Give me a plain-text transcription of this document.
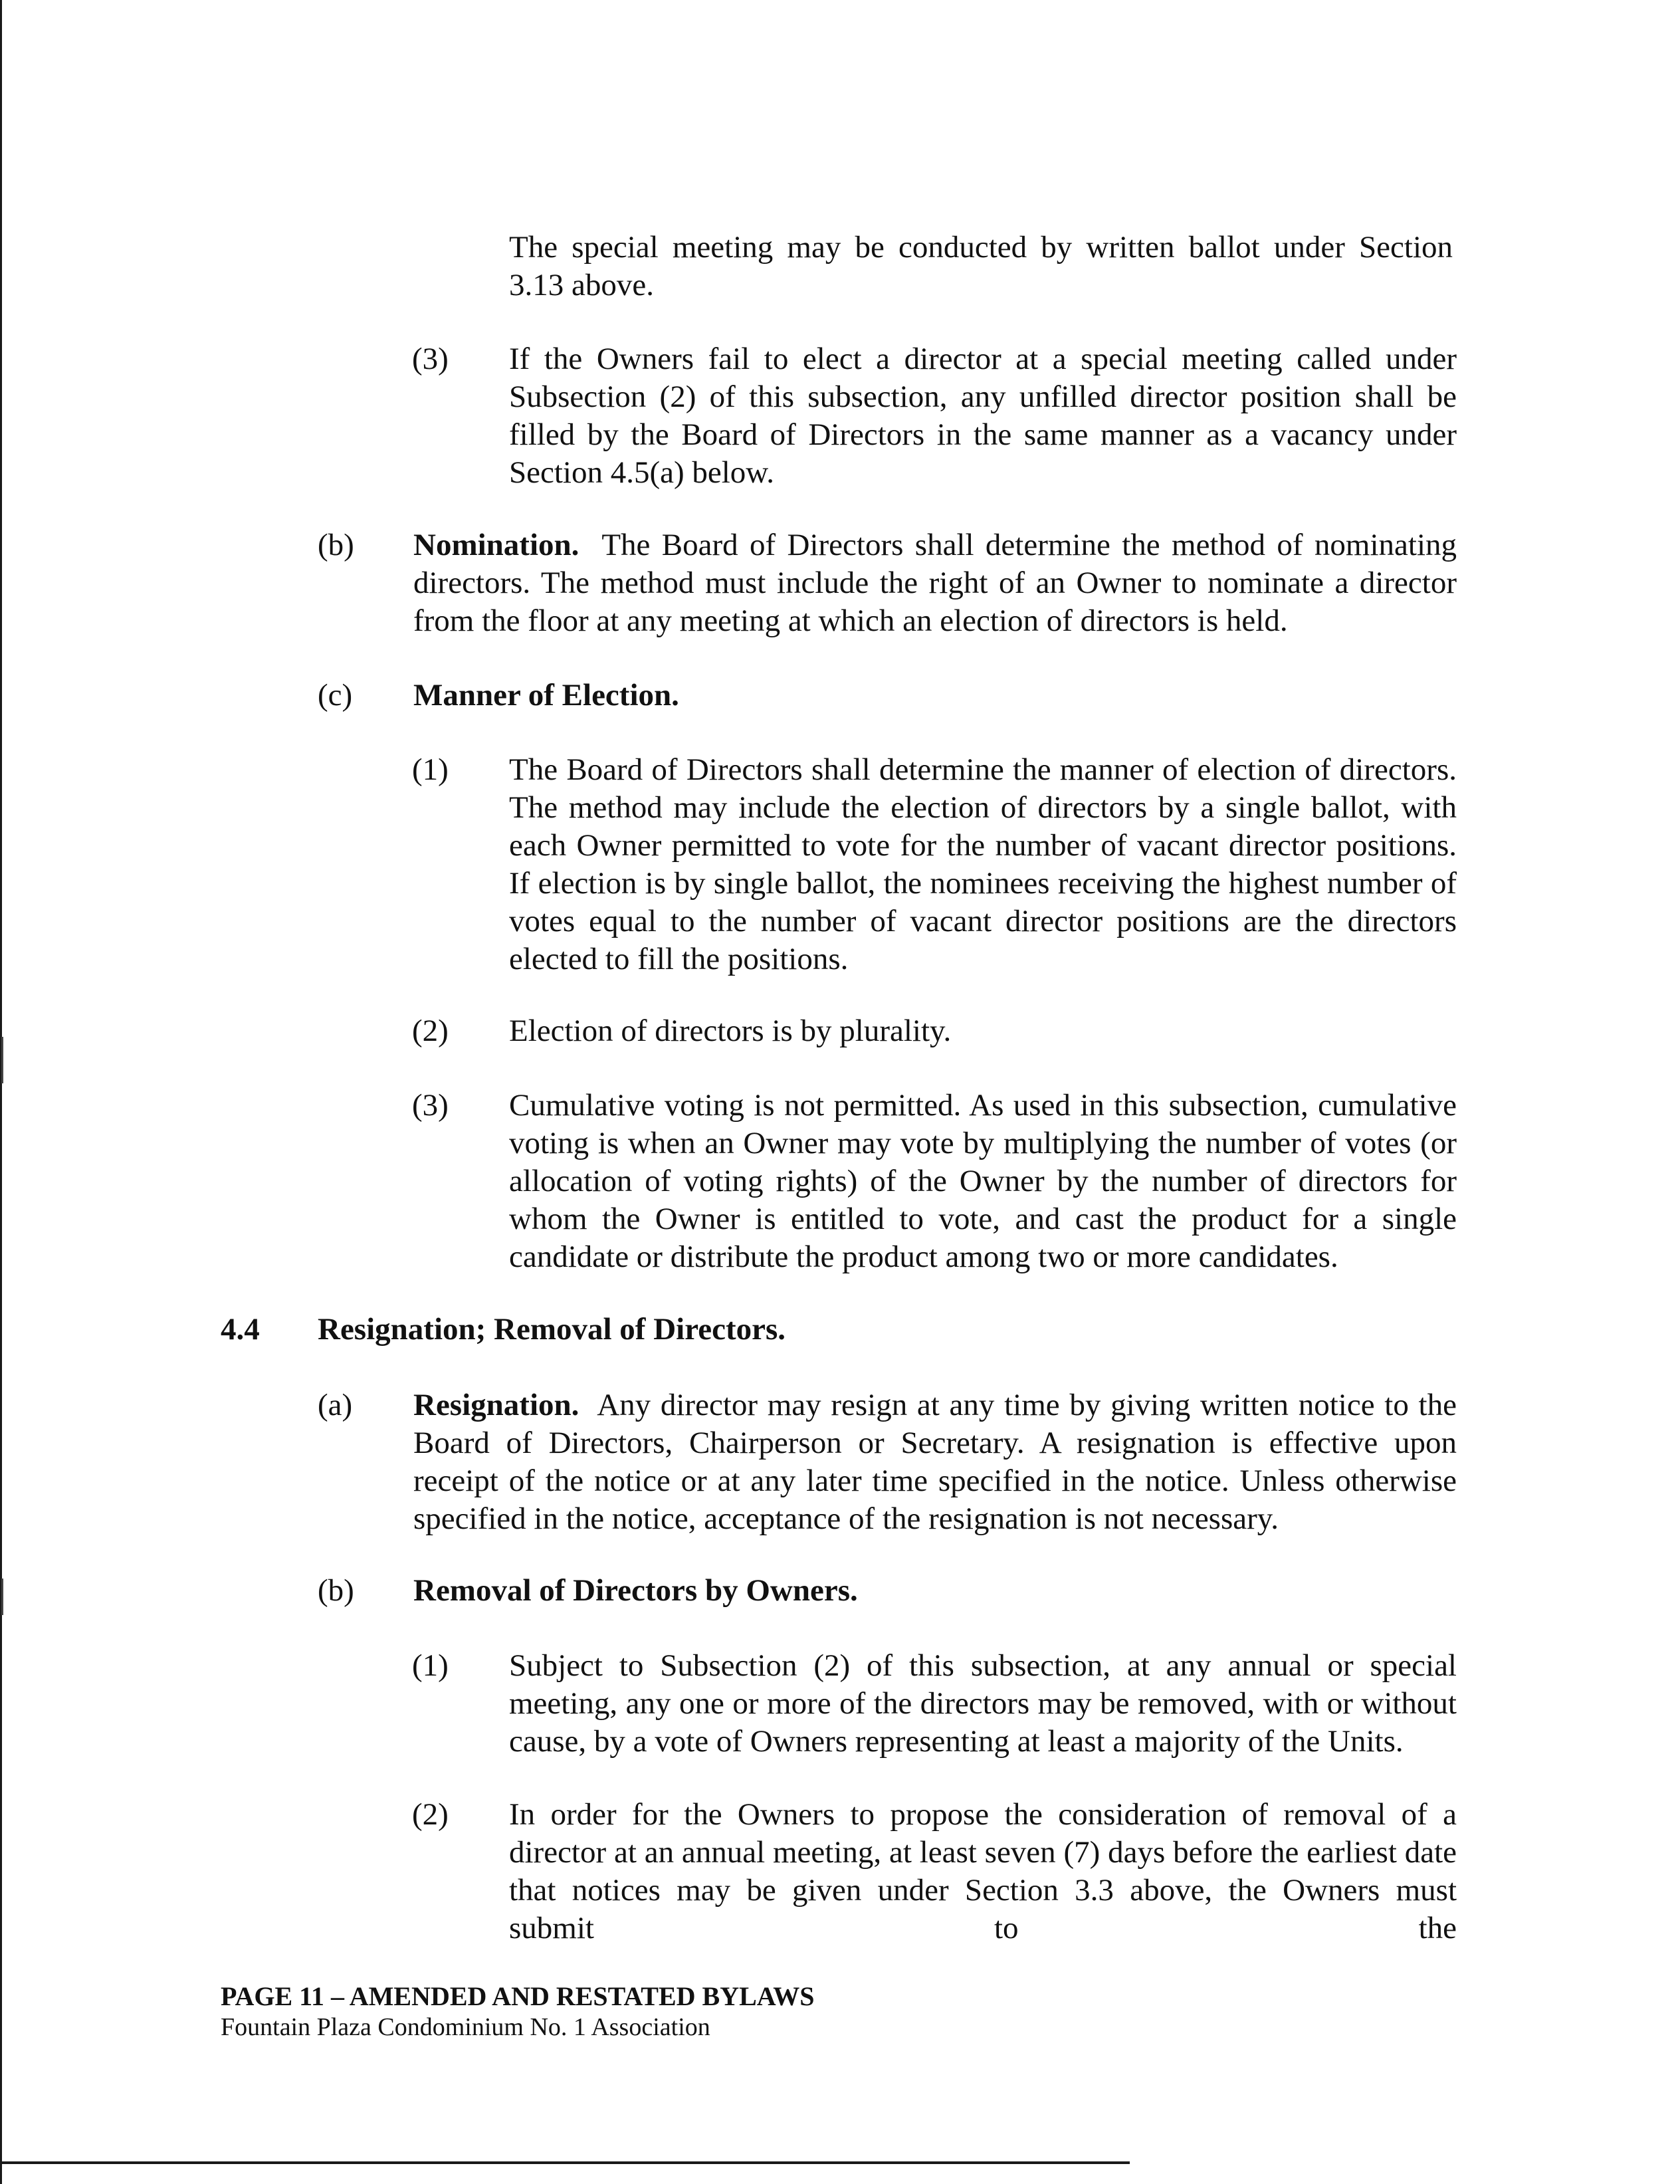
The special meeting may be conducted by written ballot under Section 3.13 above.

(3) If the Owners fail to elect a director at a special meeting called under Subsection (2) of this subsection, any unfilled director position shall be filled by the Board of Directors in the same manner as a vacancy under Section 4.5(a) below.

(b) Nomination. The Board of Directors shall determine the method of nominating directors. The method must include the right of an Owner to nominate a director from the floor at any meeting at which an election of directors is held.

(c) Manner of Election.
(1) The Board of Directors shall determine the manner of election of directors. The method may include the election of directors by a single ballot, with each Owner permitted to vote for the number of vacant director positions. If election is by single ballot, the nominees receiving the highest number of votes equal to the number of vacant director positions are the directors elected to fill the positions.

(2) Election of directors is by plurality.

(3) Cumulative voting is not permitted. As used in this subsection, cumulative voting is when an Owner may vote by multiplying the number of votes (or allocation of voting rights) of the Owner by the number of directors for whom the Owner is entitled to vote, and cast the product for a single candidate or distribute the product among two or more candidates.

4.4 Resignation; Removal of Directors.
(a) Resignation. Any director may resign at any time by giving written notice to the Board of Directors, Chairperson or Secretary. A resignation is effective upon receipt of the notice or at any later time specified in the notice. Unless otherwise specified in the notice, acceptance of the resignation is not necessary.

(b) Removal of Directors by Owners.
(1) Subject to Subsection (2) of this subsection, at any annual or special meeting, any one or more of the directors may be removed, with or without cause, by a vote of Owners representing at least a majority of the Units.

(2) In order for the Owners to propose the consideration of removal of a director at an annual meeting, at least seven (7) days before the earliest date that notices may be given under Section 3.3 above, the Owners must submit to the

PAGE 11 – AMENDED AND RESTATED BYLAWS
Fountain Plaza Condominium No. 1 Association
